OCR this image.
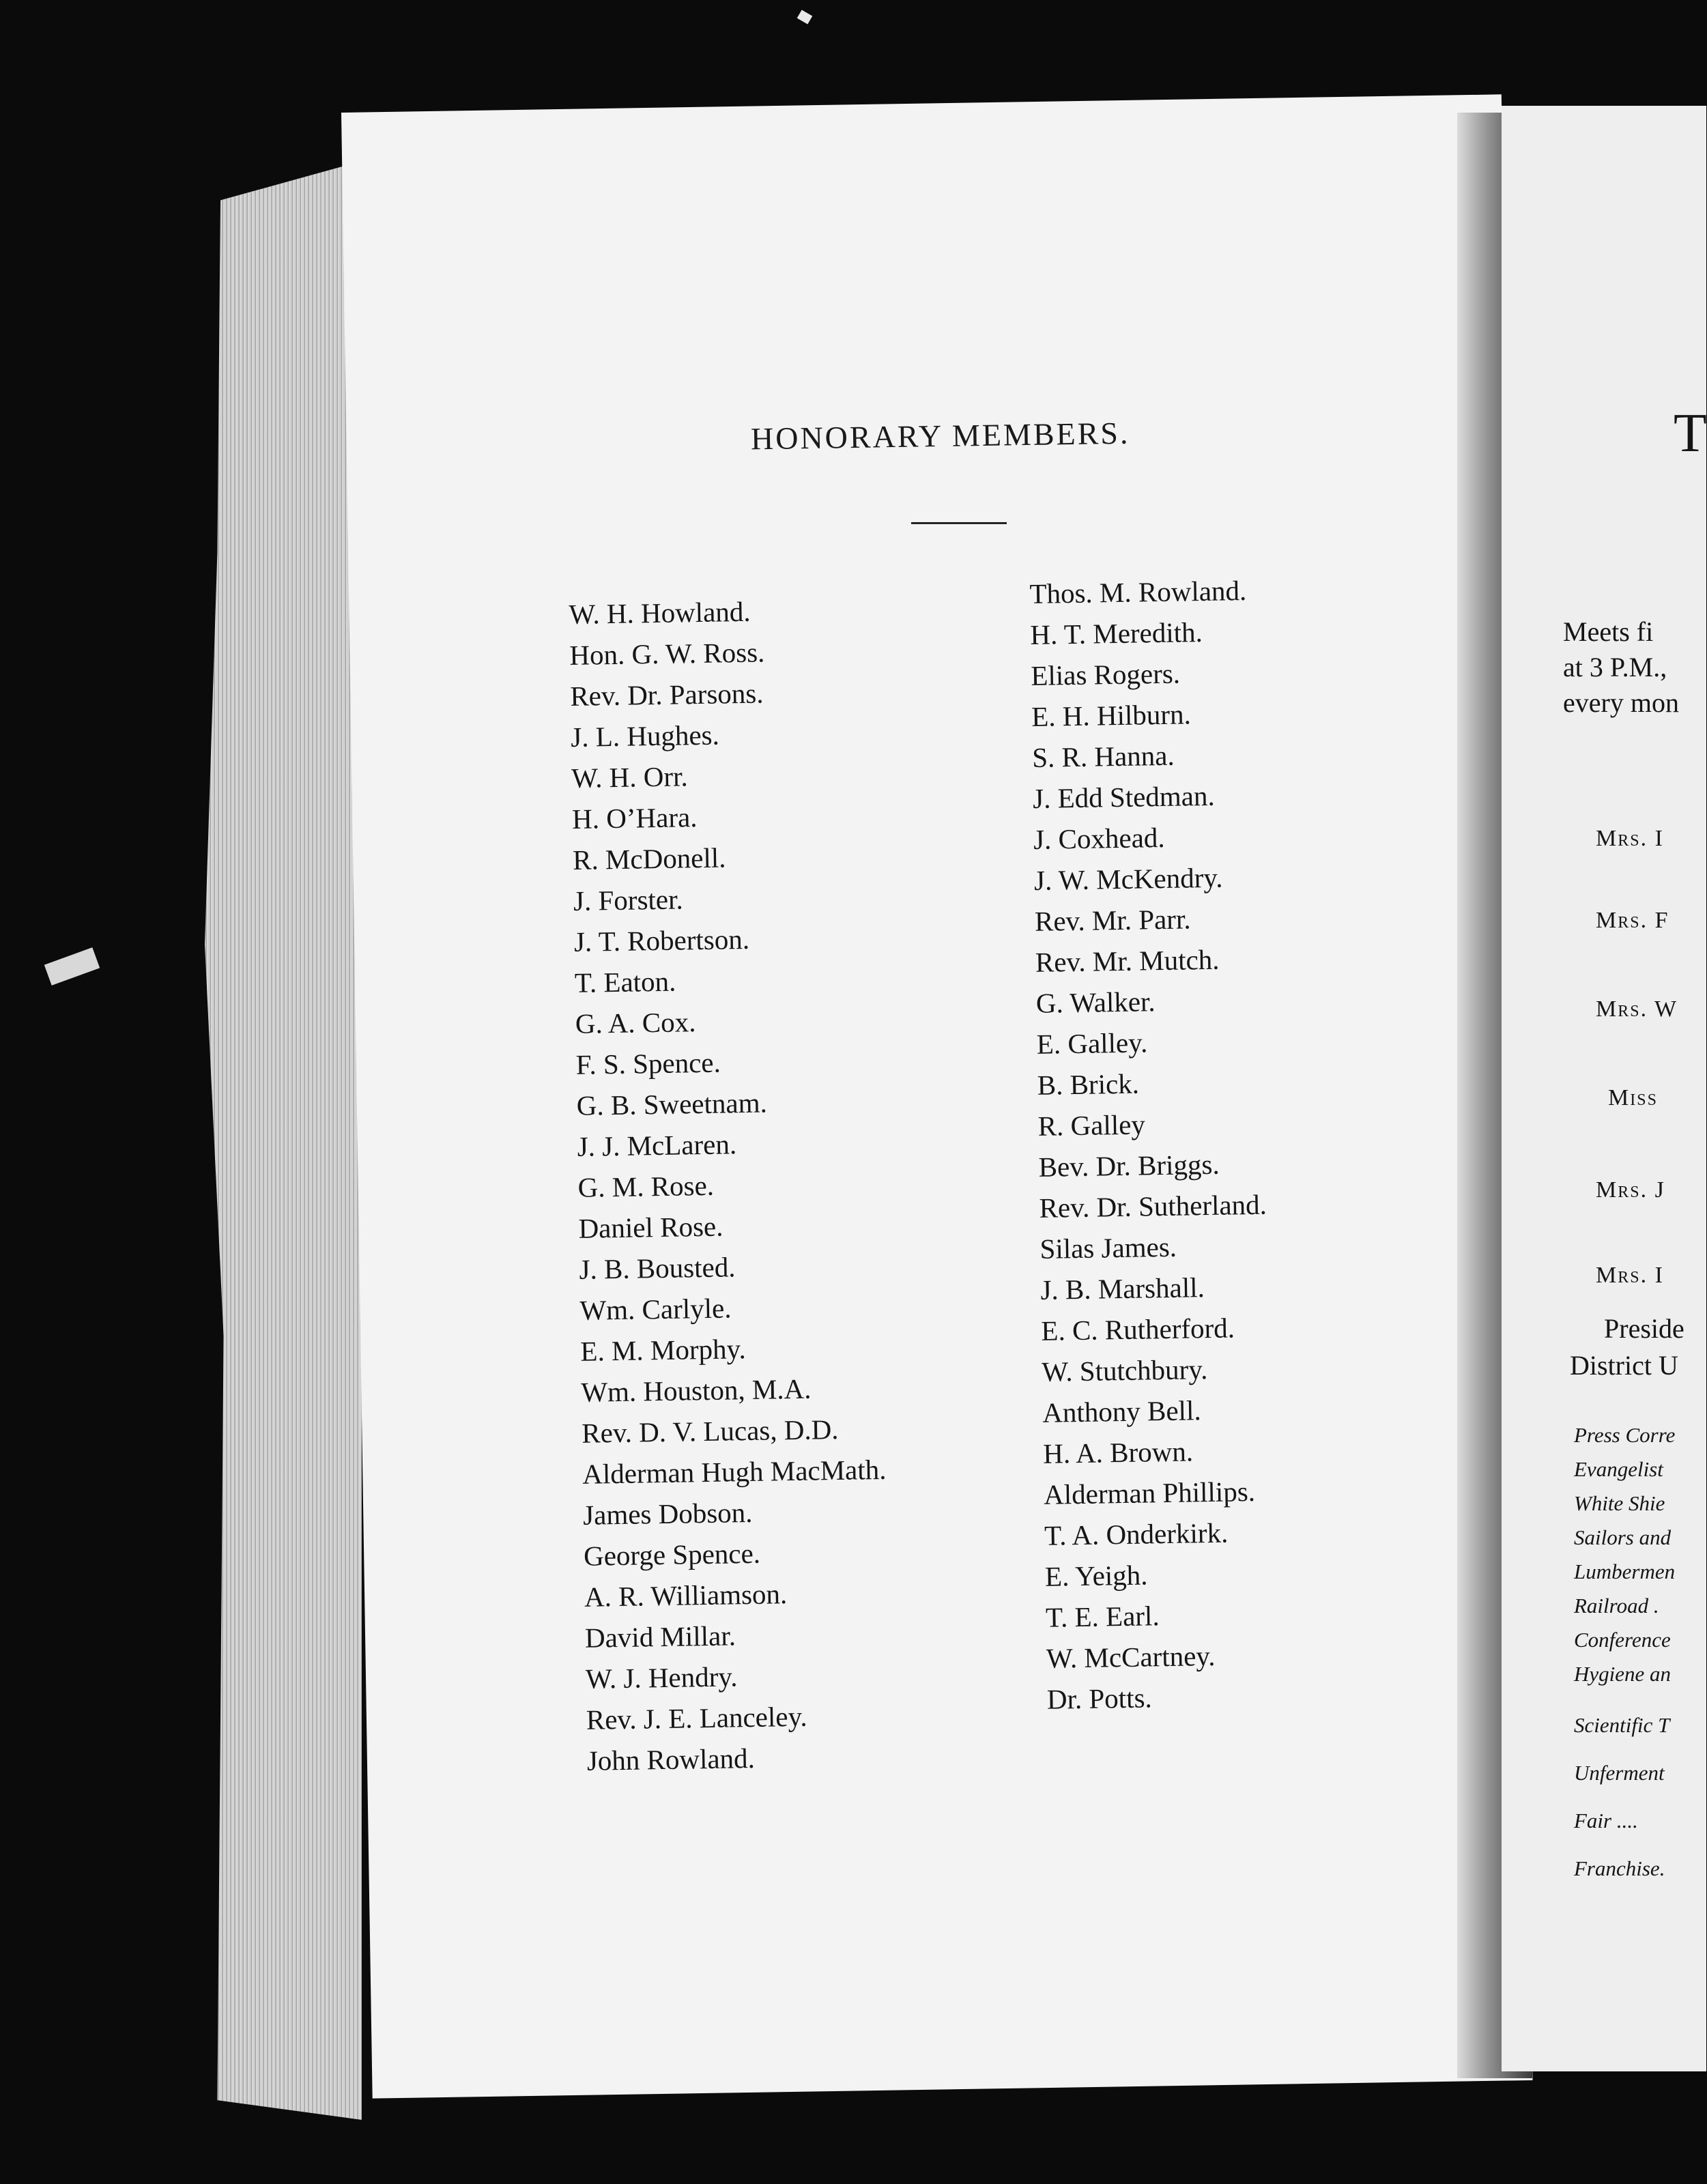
HONORARY MEMBERS.
W. H. Howland.
Hon. G. W. Ross.
Rev. Dr. Parsons.
J. L. Hughes.
W. H. Orr.
H. O’Hara.
R. McDonell.
J. Forster.
J. T. Robertson.
T. Eaton.
G. A. Cox.
F. S. Spence.
G. B. Sweetnam.
J. J. McLaren.
G. M. Rose.
Daniel Rose.
J. B. Bousted.
Wm. Carlyle.
E. M. Morphy.
Wm. Houston, M.A.
Rev. D. V. Lucas, D.D.
Alderman Hugh MacMath.
James Dobson.
George Spence.
A. R. Williamson.
David Millar.
W. J. Hendry.
Rev. J. E. Lanceley.
John Rowland.
Thos. M. Rowland.
H. T. Meredith.
Elias Rogers.
E. H. Hilburn.
S. R. Hanna.
J. Edd Stedman.
J. Coxhead.
J. W. McKendry.
Rev. Mr. Parr.
Rev. Mr. Mutch.
G. Walker.
E. Galley.
B. Brick.
R. Galley
Bev. Dr. Briggs.
Rev. Dr. Sutherland.
Silas James.
J. B. Marshall.
E. C. Rutherford.
W. Stutchbury.
Anthony Bell.
H. A. Brown.
Alderman Phillips.
T. A. Onderkirk.
E. Yeigh.
T. E. Earl.
W. McCartney.
Dr. Potts.
T
Meets fi
at 3 P.M.,
every mon
Mrs. I
Mrs. F
Mrs. W
Miss
Mrs. J
Mrs. I
Preside
District U
Press Corre
Evangelist
White Shie
Sailors and
Lumbermen
Railroad .
Conference
Hygiene an
Scientific T
Unferment
Fair ....
Franchise.
